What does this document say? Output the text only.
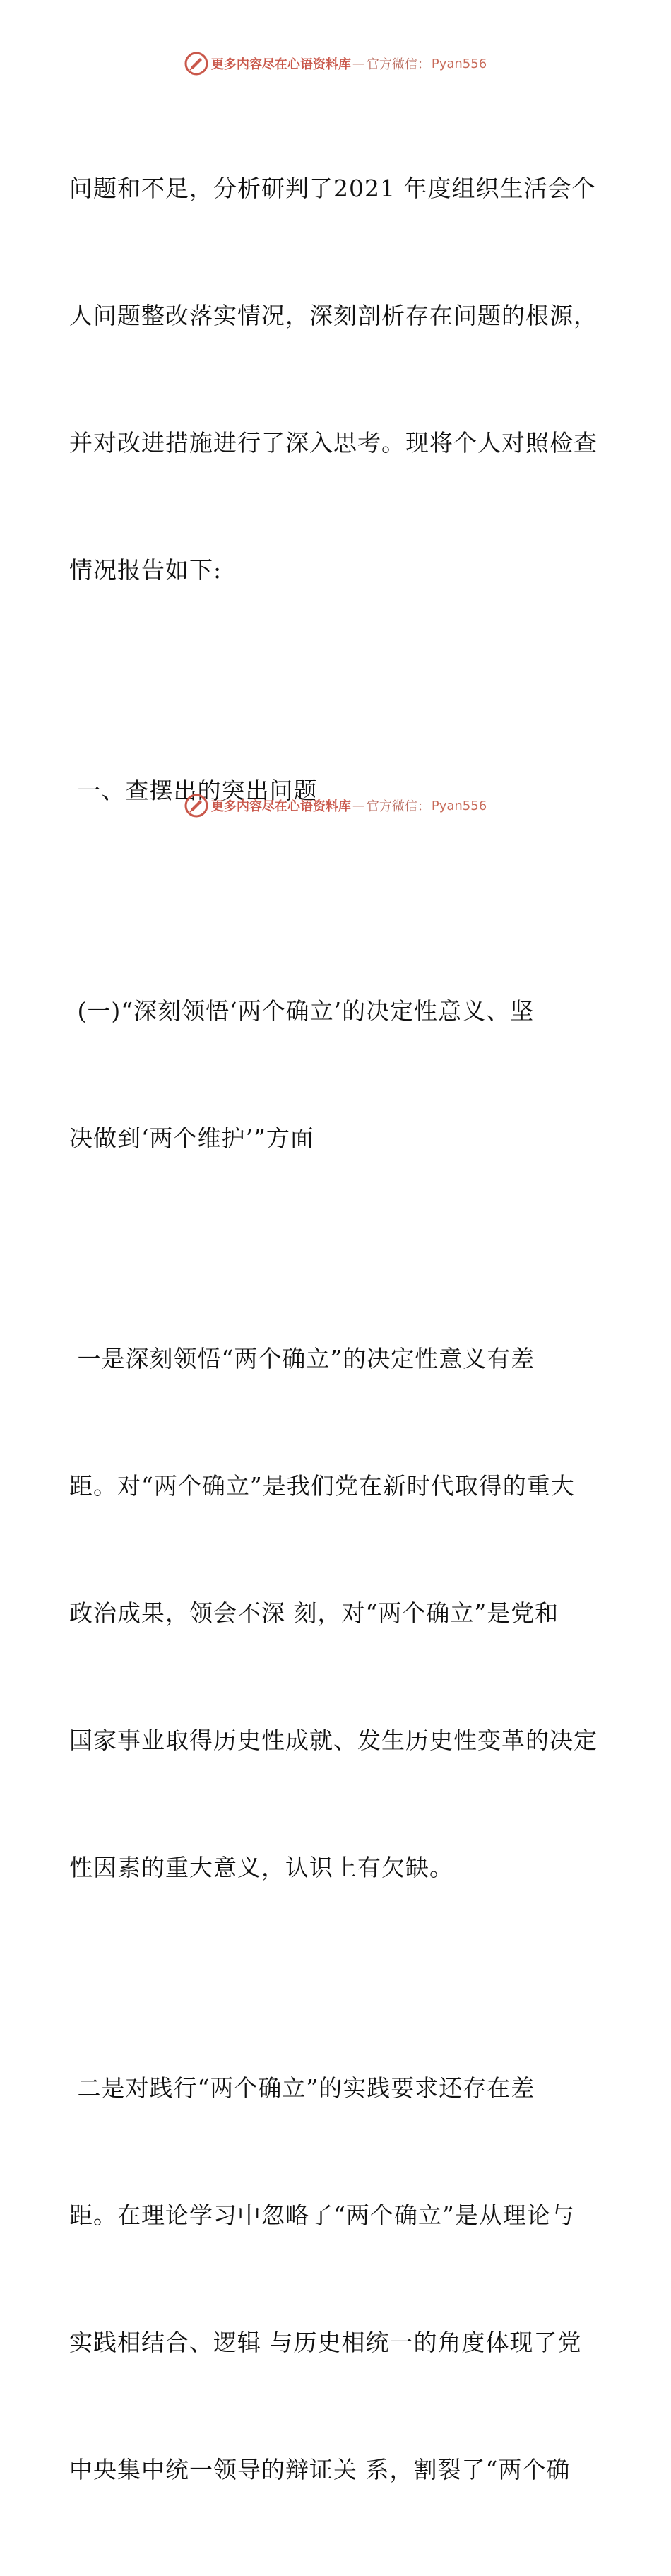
更多内容尽在心语资料库 — 官方微信： Pyan556

问题和不足，分析研判了2021 年度组织生活会个

人问题整改落实情况，深刻剖析存在问题的根源，

并对改进措施进行了深入思考。现将个人对照检查

情况报告如下:

一、查摆出的突出问题

(一)“深刻领悟‘两个确立’的决定性意义、坚

决做到‘两个维护’”方面

一是深刻领悟“两个确立”的决定性意义有差

距。对“两个确立”是我们党在新时代取得的重大

政治成果，领会不深 刻，对“两个确立”是党和

国家事业取得历史性成就、发生历史性变革的决定

性因素的重大意义，认识上有欠缺。

二是对践行“两个确立”的实践要求还存在差

距。在理论学习中忽略了“两个确立”是从理论与

实践相结合、逻辑 与历史相统一的角度体现了党

中央集中统一领导的辩证关 系，割裂了“两个确

更多内容尽在心语资料库 — 官方微信： Pyan556
